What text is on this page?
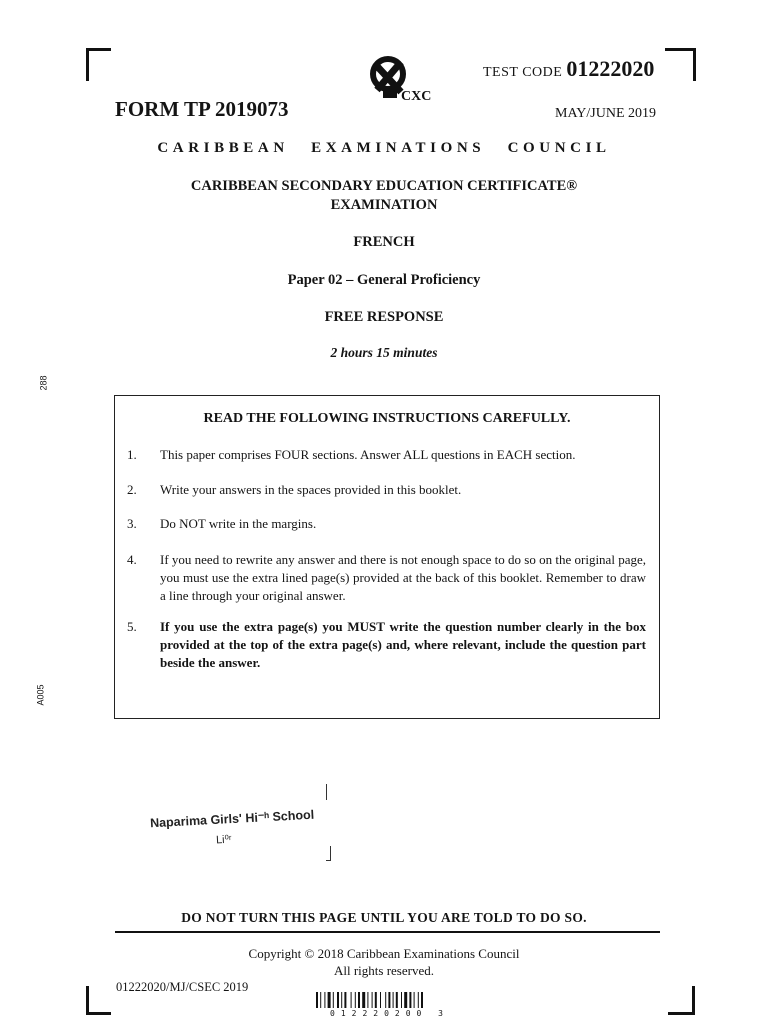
CXC
TEST CODE 01222020
FORM TP 2019073	MAY/JUNE 2019
CARIBBEAN EXAMINATIONS COUNCIL
CARIBBEAN SECONDARY EDUCATION CERTIFICATE®
EXAMINATION
FRENCH
Paper 02 – General Proficiency
FREE RESPONSE
2 hours 15 minutes
288
A005
READ THE FOLLOWING INSTRUCTIONS CAREFULLY.
1. This paper comprises FOUR sections. Answer ALL questions in EACH section.
2. Write your answers in the spaces provided in this booklet.
3. Do NOT write in the margins.
4. If you need to rewrite any answer and there is not enough space to do so on the original page, you must use the extra lined page(s) provided at the back of this booklet. Remember to draw a line through your original answer.
5. If you use the extra page(s) you MUST write the question number clearly in the box provided at the top of the extra page(s) and, where relevant, include the question part beside the answer.
Naparima Girls' Hi⁻ʰ School
Li⁰ʳ
DO NOT TURN THIS PAGE UNTIL YOU ARE TOLD TO DO SO.
Copyright © 2018 Caribbean Examinations Council
All rights reserved.
01222020/MJ/CSEC 2019
012220200 3
